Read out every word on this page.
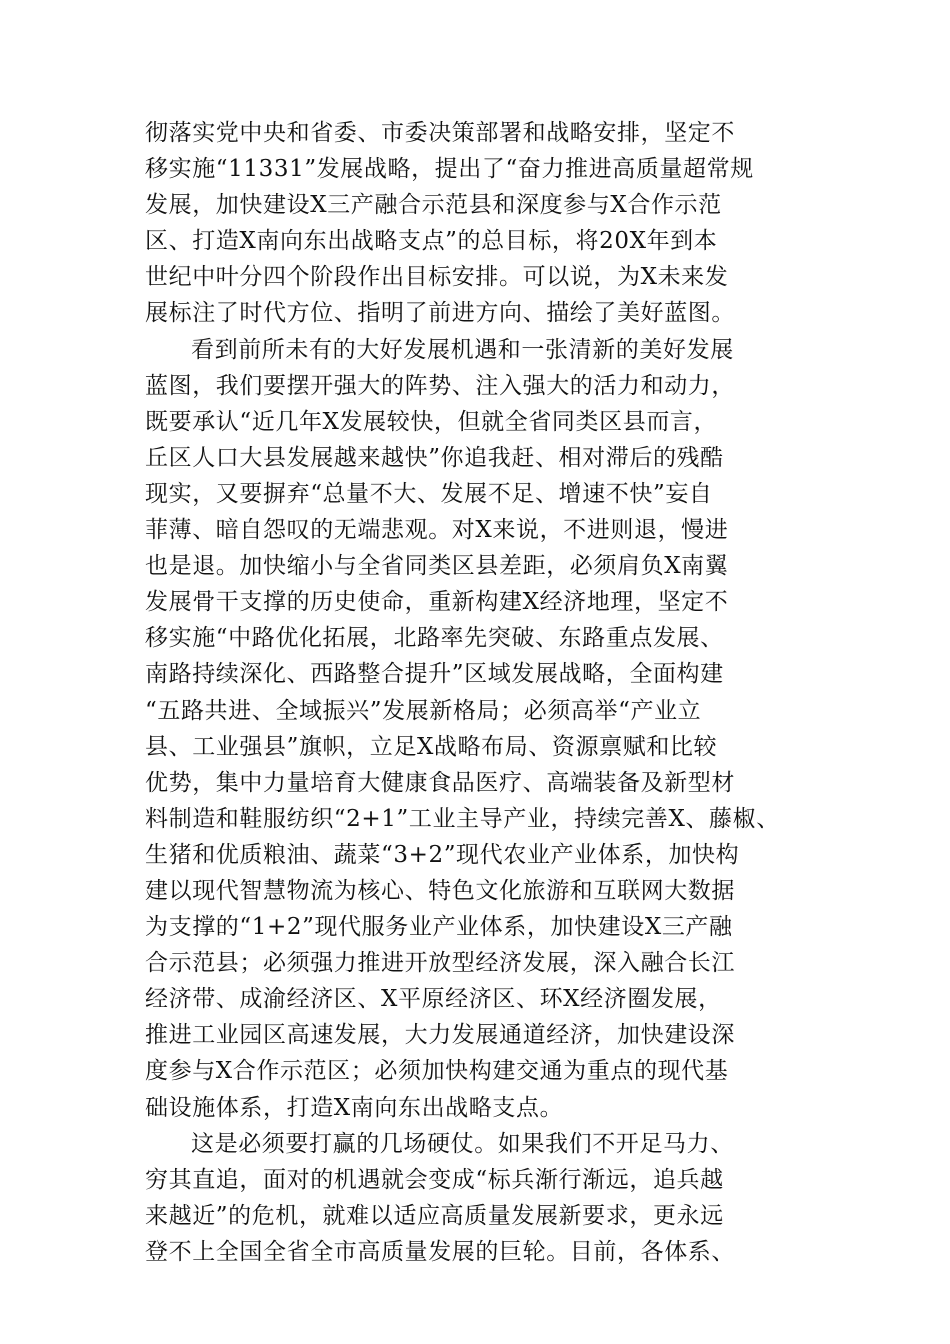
彻落实党中央和省委、市委决策部署和战略安排，坚定不
移实施“11331”发展战略，提出了“奋力推进高质量超常规
发展，加快建设X三产融合示范县和深度参与X合作示范
区、打造X南向东出战略支点”的总目标，将20X年到本
世纪中叶分四个阶段作出目标安排。可以说，为X未来发
展标注了时代方位、指明了前进方向、描绘了美好蓝图。
看到前所未有的大好发展机遇和一张清新的美好发展
蓝图，我们要摆开强大的阵势、注入强大的活力和动力，
既要承认“近几年X发展较快，但就全省同类区县而言，
丘区人口大县发展越来越快”你追我赶、相对滞后的残酷
现实，又要摒弃“总量不大、发展不足、增速不快”妄自
菲薄、暗自怨叹的无端悲观。对X来说，不进则退，慢进
也是退。加快缩小与全省同类区县差距，必须肩负X南翼
发展骨干支撑的历史使命，重新构建X经济地理，坚定不
移实施“中路优化拓展，北路率先突破、东路重点发展、
南路持续深化、西路整合提升”区域发展战略，全面构建
“五路共进、全域振兴”发展新格局；必须高举“产业立
县、工业强县”旗帜，立足X战略布局、资源禀赋和比较
优势，集中力量培育大健康食品医疗、高端装备及新型材
料制造和鞋服纺织“2+1”工业主导产业，持续完善X、藤椒、
生猪和优质粮油、蔬菜“3+2”现代农业产业体系，加快构
建以现代智慧物流为核心、特色文化旅游和互联网大数据
为支撑的“1+2”现代服务业产业体系，加快建设X三产融
合示范县；必须强力推进开放型经济发展，深入融合长江
经济带、成渝经济区、X平原经济区、环X经济圈发展，
推进工业园区高速发展，大力发展通道经济，加快建设深
度参与X合作示范区；必须加快构建交通为重点的现代基
础设施体系，打造X南向东出战略支点。
这是必须要打赢的几场硬仗。如果我们不开足马力、
穷其直追，面对的机遇就会变成“标兵渐行渐远，追兵越
来越近”的危机，就难以适应高质量发展新要求，更永远
登不上全国全省全市高质量发展的巨轮。目前，各体系、
